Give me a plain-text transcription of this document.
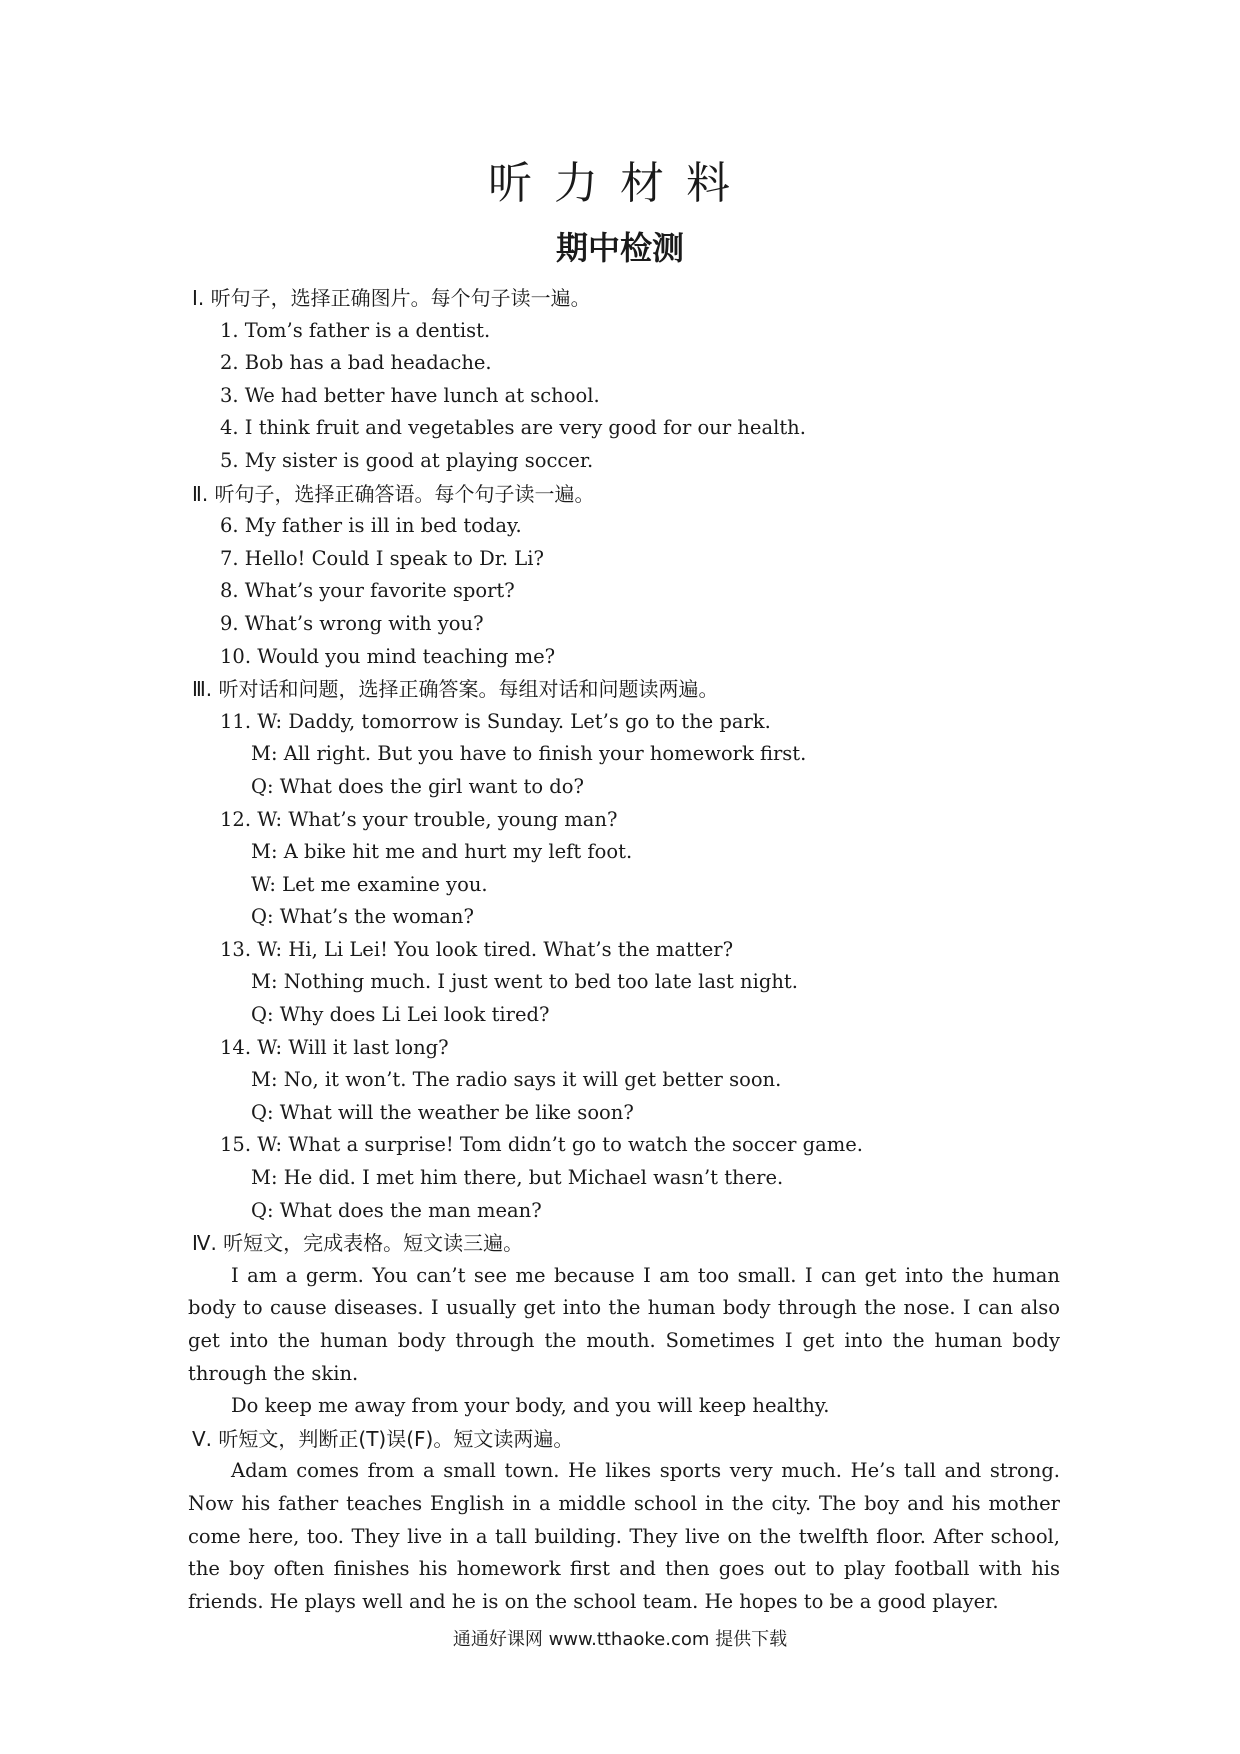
听力材料
期中检测
Ⅰ. 听句子，选择正确图片。每个句子读一遍。
1. Tom’s father is a dentist.
2. Bob has a bad headache.
3. We had better have lunch at school.
4. I think fruit and vegetables are very good for our health.
5. My sister is good at playing soccer.
Ⅱ. 听句子，选择正确答语。每个句子读一遍。
6. My father is ill in bed today.
7. Hello! Could I speak to Dr. Li?
8. What’s your favorite sport?
9. What’s wrong with you?
10. Would you mind teaching me?
Ⅲ. 听对话和问题，选择正确答案。每组对话和问题读两遍。
11. W: Daddy, tomorrow is Sunday. Let’s go to the park.
M: All right. But you have to finish your homework first.
Q: What does the girl want to do?
12. W: What’s your trouble, young man?
M: A bike hit me and hurt my left foot.
W: Let me examine you.
Q: What’s the woman?
13. W: Hi, Li Lei! You look tired. What’s the matter?
M: Nothing much. I just went to bed too late last night.
Q: Why does Li Lei look tired?
14. W: Will it last long?
M: No, it won’t. The radio says it will get better soon.
Q: What will the weather be like soon?
15. W: What a surprise! Tom didn’t go to watch the soccer game.
M: He did. I met him there, but Michael wasn’t there.
Q: What does the man mean?
Ⅳ. 听短文，完成表格。短文读三遍。

I am a germ. You can’t see me because I am too small. I can get into the human body to cause diseases. I usually get into the human body through the nose. I can also get into the human body through the mouth. Sometimes I get into the human body through the skin.

Do keep me away from your body, and you will keep healthy.

Ⅴ. 听短文，判断正(T)误(F)。短文读两遍。

Adam comes from a small town. He likes sports very much. He’s tall and strong. Now his father teaches English in a middle school in the city. The boy and his mother come here, too. They live in a tall building. They live on the twelfth floor. After school, the boy often finishes his homework first and then goes out to play football with his friends. He plays well and he is on the school team. He hopes to be a good player.

通通好课网 www.tthaoke.com 提供下载
